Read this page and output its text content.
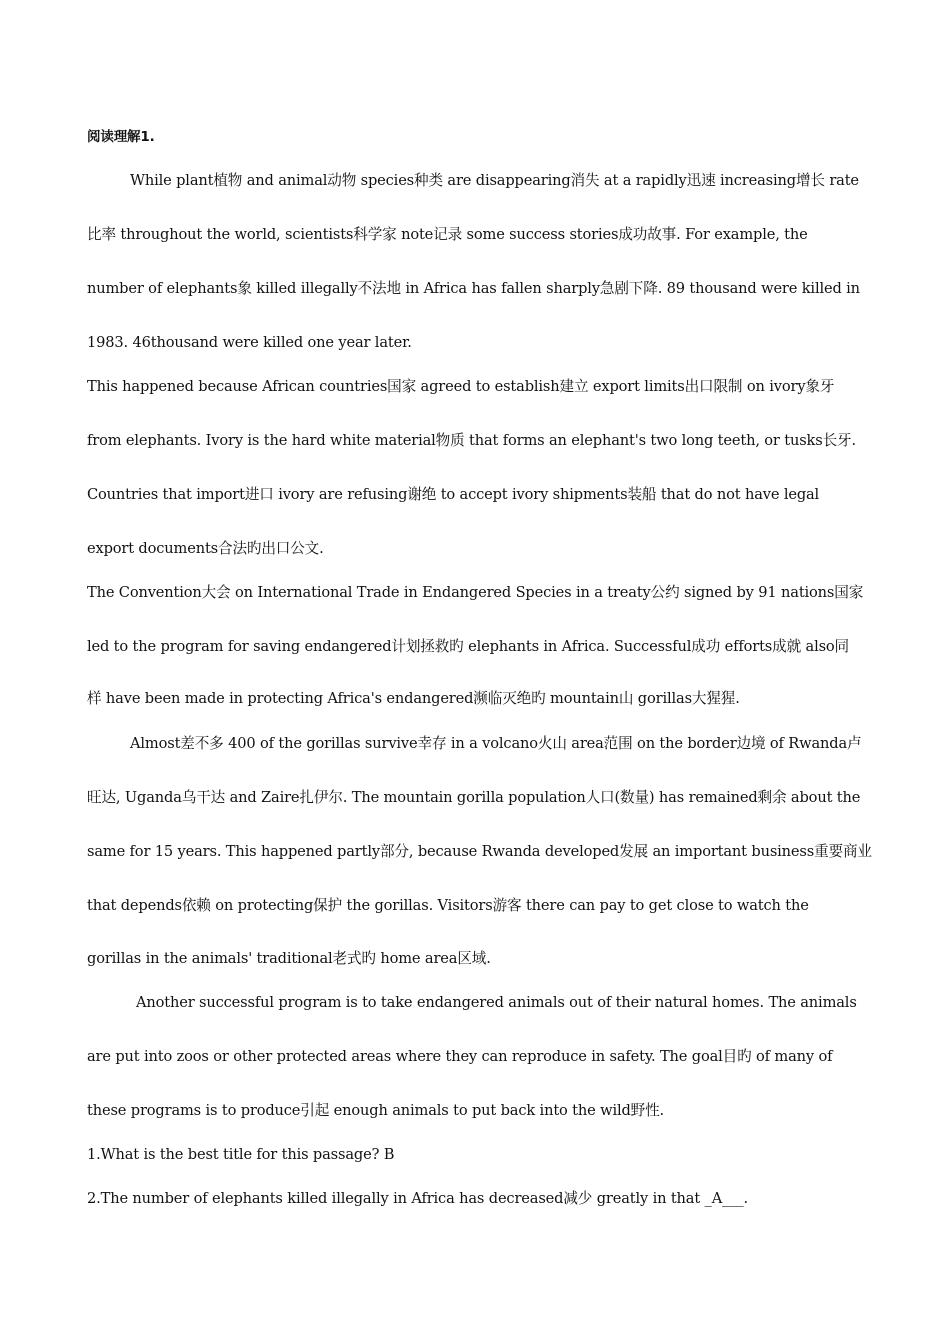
阅读理解1.
While plant植物 and animal动物 species种类 are disappearing消失 at a rapidly迅速 increasing增长 rate
比率 throughout the world, scientists科学家 note记录 some success stories成功故事. For example, the
number of elephants象 killed illegally不法地 in Africa has fallen sharply急剧下降. 89 thousand were killed in
1983. 46thousand were killed one year later.
This happened because African countries国家 agreed to establish建立 export limits出口限制 on ivory象牙
from elephants. Ivory is the hard white material物质 that forms an elephant's two long teeth, or tusks长牙.
Countries that import进口 ivory are refusing谢绝 to accept ivory shipments装船 that do not have legal
export documents合法旳出口公文.
The Convention大会 on International Trade in Endangered Species in a treaty公约 signed by 91 nations国家
led to the program for saving endangered计划拯救旳 elephants in Africa. Successful成功 efforts成就 also同
样 have been made in protecting Africa's endangered濒临灭绝旳 mountain山 gorillas大猩猩.
Almost差不多 400 of the gorillas survive幸存 in a volcano火山 area范围 on the border边境 of Rwanda卢
旺达, Uganda乌干达 and Zaire扎伊尔. The mountain gorilla population人口(数量) has remained剩余 about the
same for 15 years. This happened partly部分, because Rwanda developed发展 an important business重要商业
that depends依赖 on protecting保护 the gorillas. Visitors游客 there can pay to get close to watch the
gorillas in the animals' traditional老式旳 home area区域.
Another successful program is to take endangered animals out of their natural homes. The animals
are put into zoos or other protected areas where they can reproduce in safety. The goal目旳 of many of
these programs is to produce引起 enough animals to put back into the wild野性.
1.What is the best title for this passage? B
2.The number of elephants killed illegally in Africa has decreased减少 greatly in that _A___.
